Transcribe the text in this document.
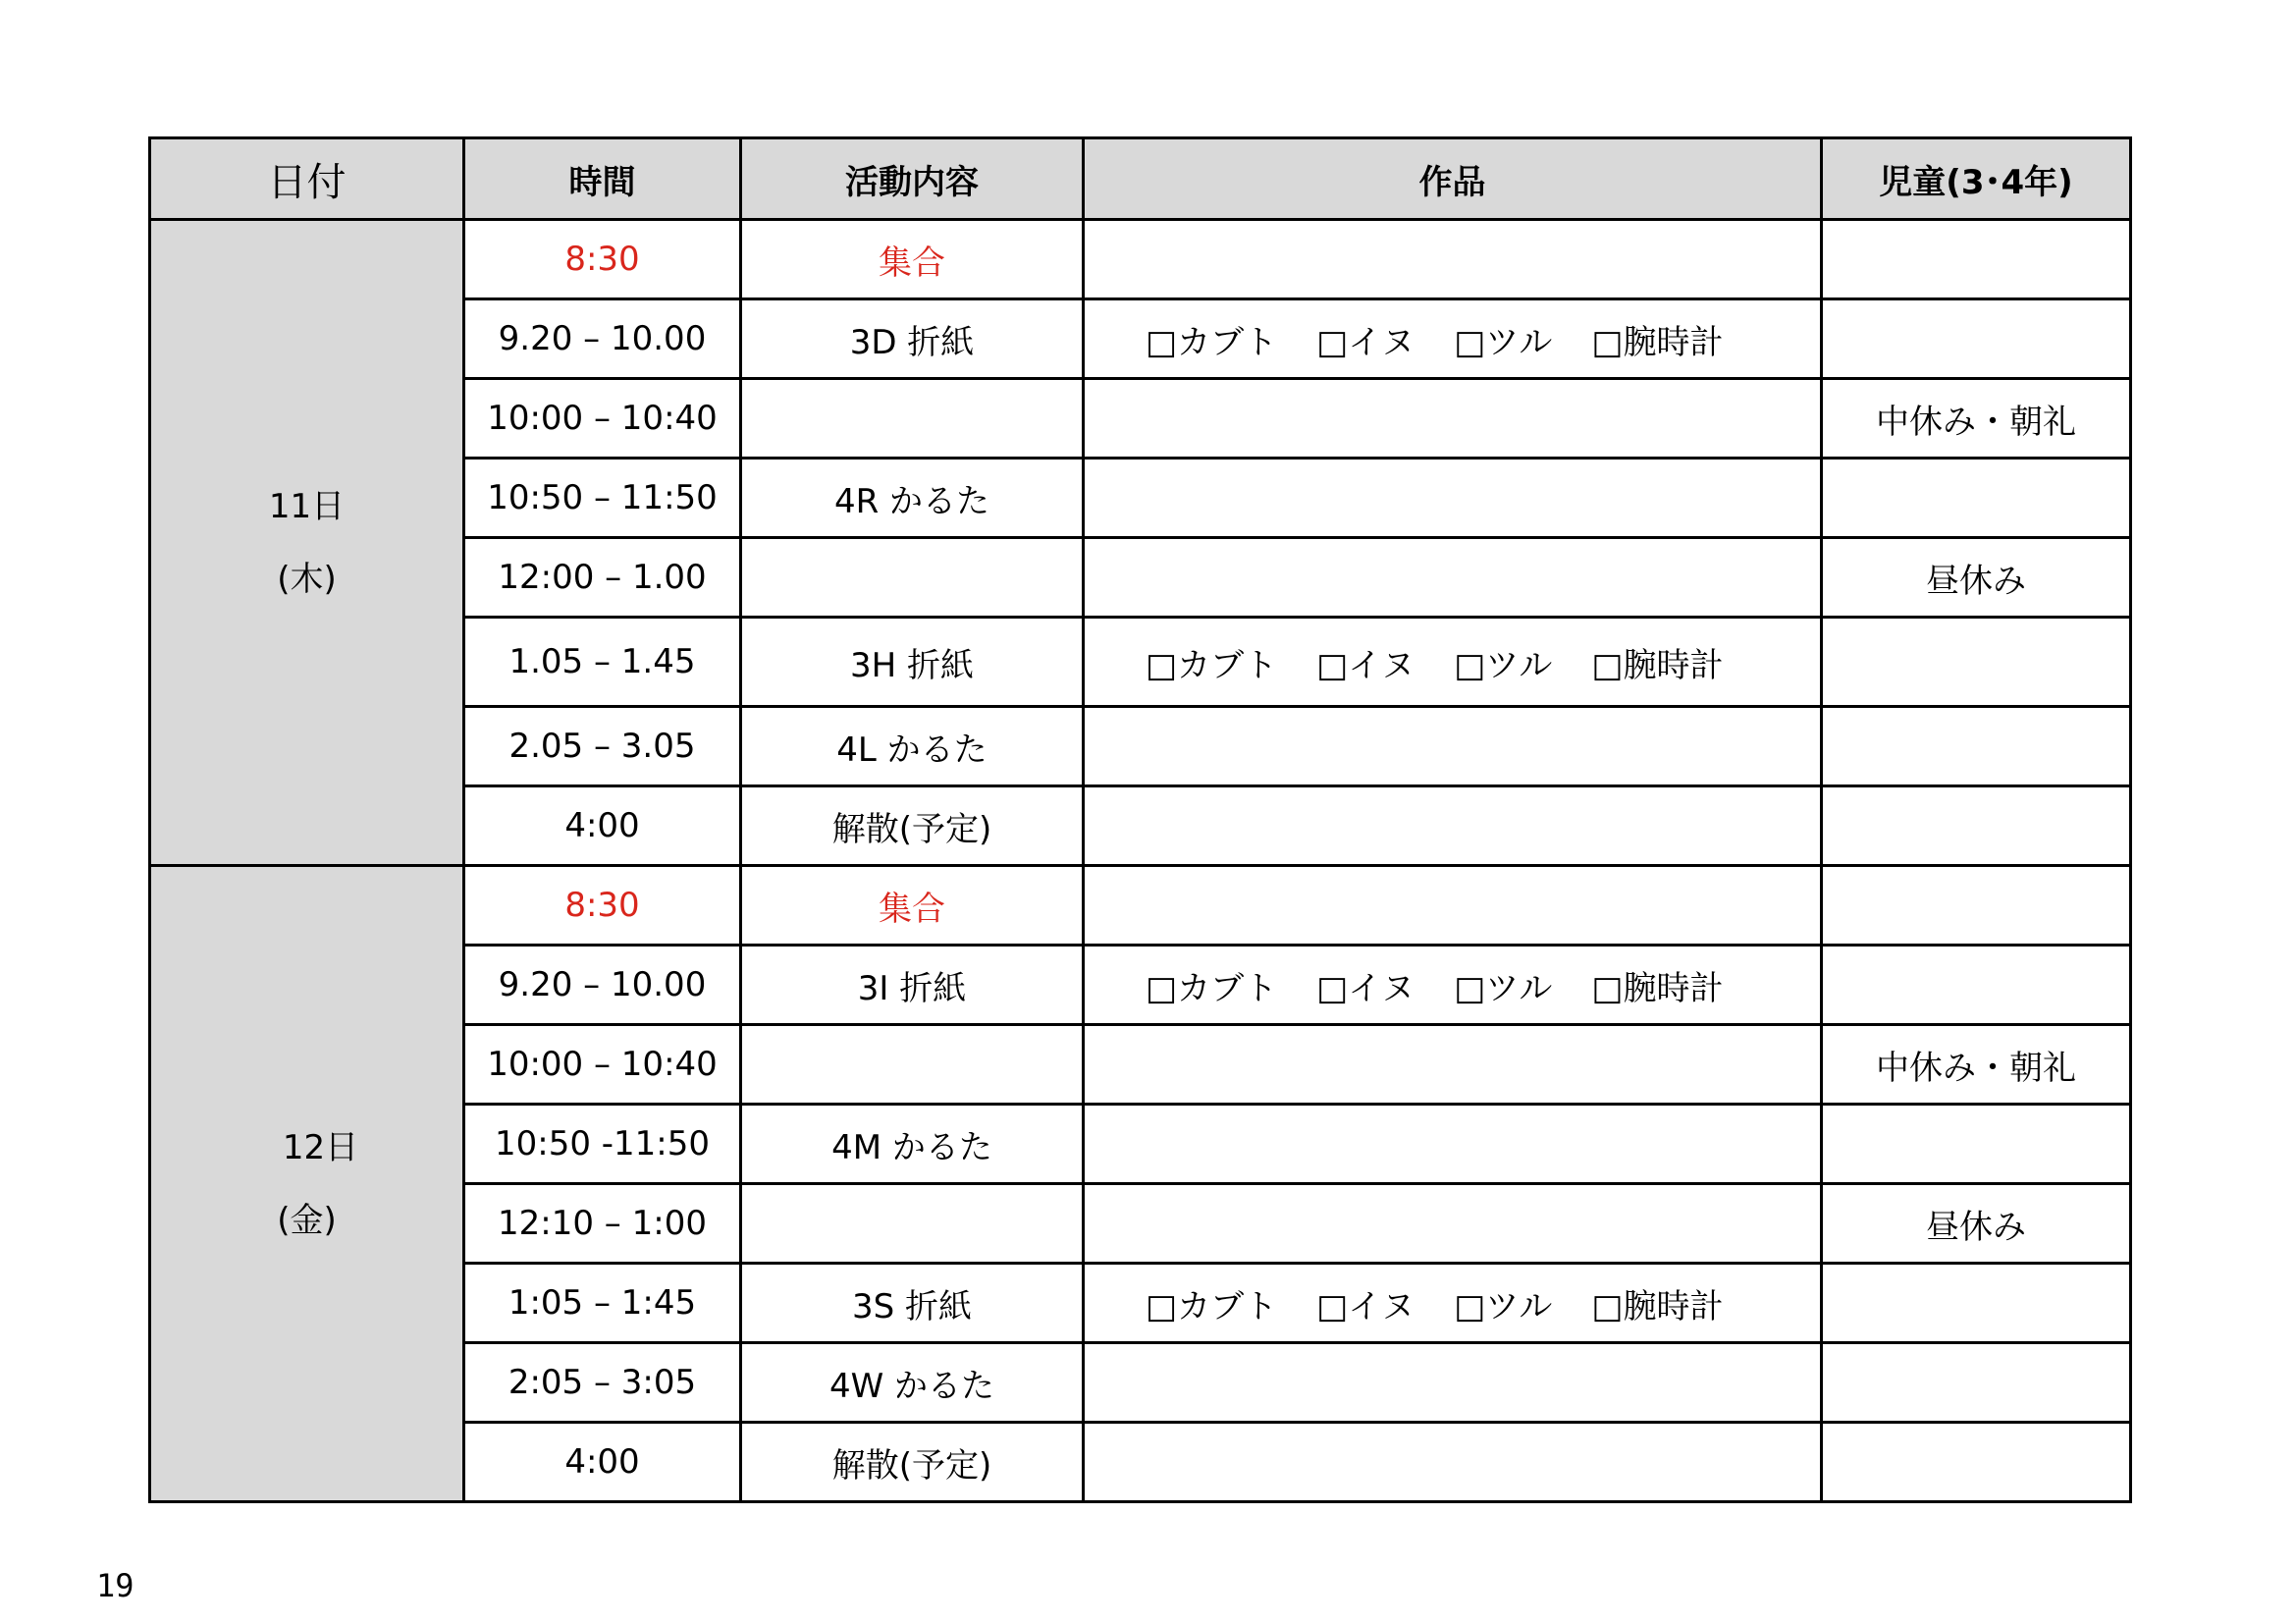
日付	時間	活動内容	作品	児童(3･4年)

11日
(木)	8:30	集合		
	9.20 – 10.00	3D 折紙	□カブト □イヌ □ツル □腕時計	
	10:00 – 10:40			中休み・朝礼
	10:50 – 11:50	4R かるた		
	12:00 – 1.00			昼休み
	1.05 – 1.45	3H 折紙	□カブト □イヌ □ツル □腕時計	
	2.05 – 3.05	4L かるた		
	4:00	解散(予定)		

12日
(金)	8:30	集合		
	9.20 – 10.00	3I 折紙	□カブト □イヌ □ツル □腕時計	
	10:00 – 10:40			中休み・朝礼
	10:50 -11:50	4M かるた		
	12:10 – 1:00			昼休み
	1:05 – 1:45	3S 折紙	□カブト □イヌ □ツル □腕時計	
	2:05 – 3:05	4W かるた		
	4:00	解散(予定)		
19
